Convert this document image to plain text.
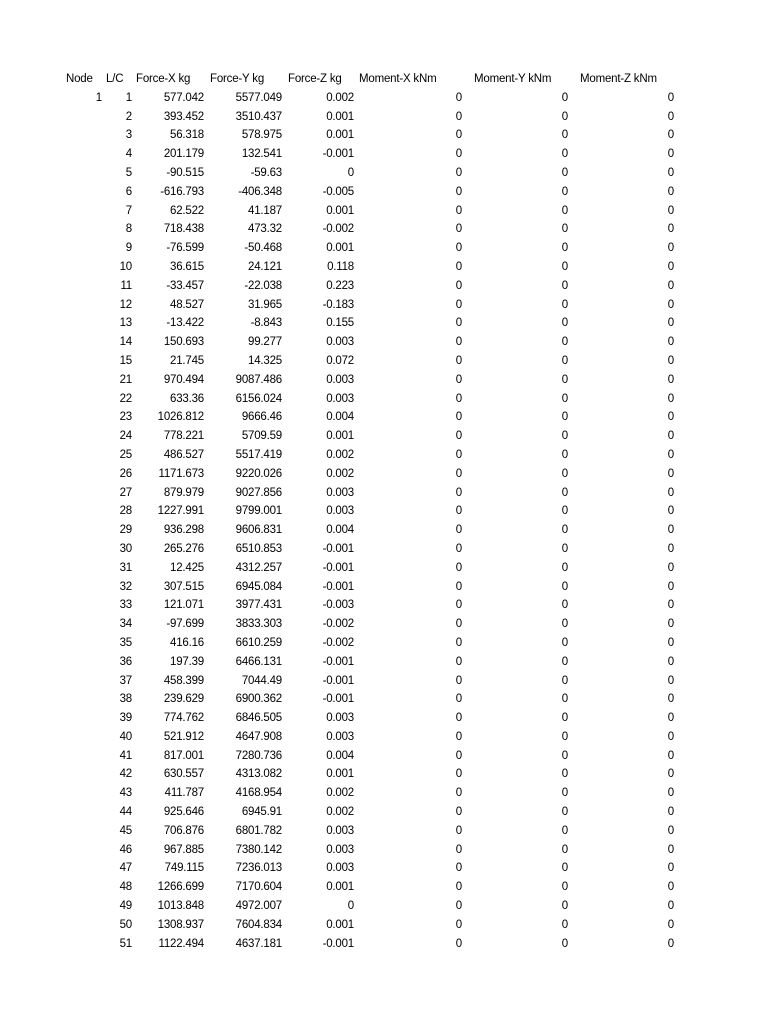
Node	L/C	Force-X kg	Force-Y kg	Force-Z kg	Moment-X kNm	Moment-Y kNm	Moment-Z kNm
1	1	577.042	5577.049	0.002	0	0	0
	2	393.452	3510.437	0.001	0	0	0
	3	56.318	578.975	0.001	0	0	0
	4	201.179	132.541	-0.001	0	0	0
	5	-90.515	-59.63	0	0	0	0
	6	-616.793	-406.348	-0.005	0	0	0
	7	62.522	41.187	0.001	0	0	0
	8	718.438	473.32	-0.002	0	0	0
	9	-76.599	-50.468	0.001	0	0	0
	10	36.615	24.121	0.118	0	0	0
	11	-33.457	-22.038	0.223	0	0	0
	12	48.527	31.965	-0.183	0	0	0
	13	-13.422	-8.843	0.155	0	0	0
	14	150.693	99.277	0.003	0	0	0
	15	21.745	14.325	0.072	0	0	0
	21	970.494	9087.486	0.003	0	0	0
	22	633.36	6156.024	0.003	0	0	0
	23	1026.812	9666.46	0.004	0	0	0
	24	778.221	5709.59	0.001	0	0	0
	25	486.527	5517.419	0.002	0	0	0
	26	1171.673	9220.026	0.002	0	0	0
	27	879.979	9027.856	0.003	0	0	0
	28	1227.991	9799.001	0.003	0	0	0
	29	936.298	9606.831	0.004	0	0	0
	30	265.276	6510.853	-0.001	0	0	0
	31	12.425	4312.257	-0.001	0	0	0
	32	307.515	6945.084	-0.001	0	0	0
	33	121.071	3977.431	-0.003	0	0	0
	34	-97.699	3833.303	-0.002	0	0	0
	35	416.16	6610.259	-0.002	0	0	0
	36	197.39	6466.131	-0.001	0	0	0
	37	458.399	7044.49	-0.001	0	0	0
	38	239.629	6900.362	-0.001	0	0	0
	39	774.762	6846.505	0.003	0	0	0
	40	521.912	4647.908	0.003	0	0	0
	41	817.001	7280.736	0.004	0	0	0
	42	630.557	4313.082	0.001	0	0	0
	43	411.787	4168.954	0.002	0	0	0
	44	925.646	6945.91	0.002	0	0	0
	45	706.876	6801.782	0.003	0	0	0
	46	967.885	7380.142	0.003	0	0	0
	47	749.115	7236.013	0.003	0	0	0
	48	1266.699	7170.604	0.001	0	0	0
	49	1013.848	4972.007	0	0	0	0
	50	1308.937	7604.834	0.001	0	0	0
	51	1122.494	4637.181	-0.001	0	0	0
